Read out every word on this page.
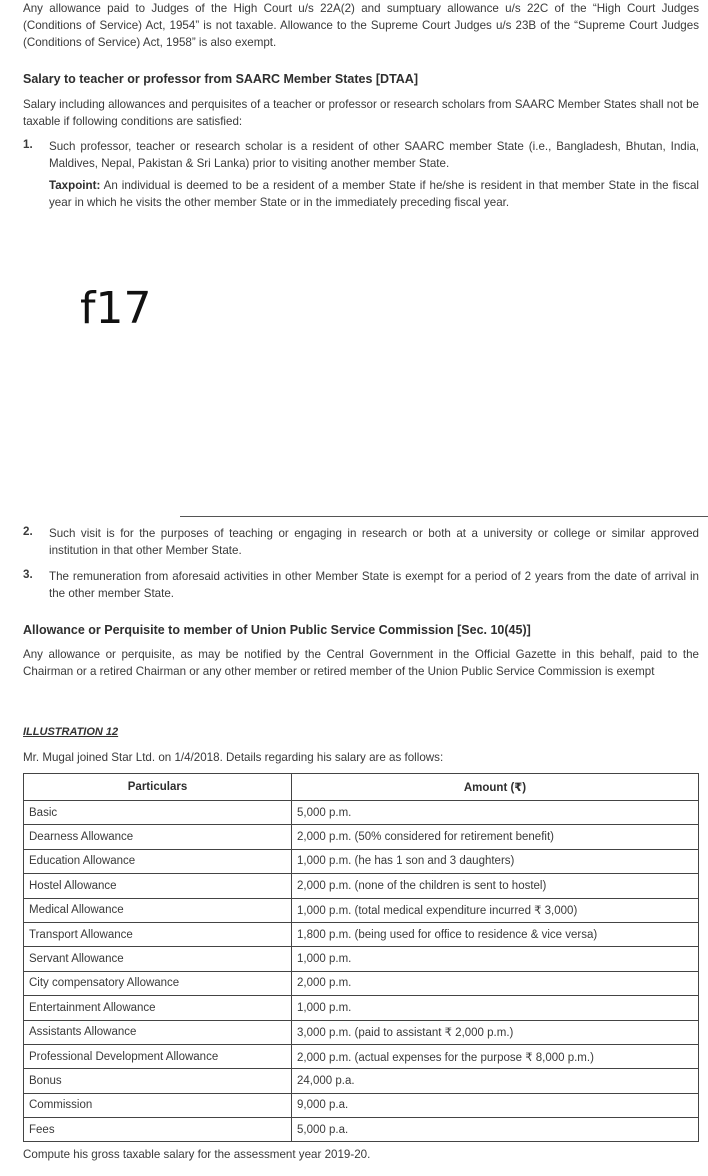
Any allowance paid to Judges of the High Court u/s 22A(2) and sumptuary allowance u/s 22C of the “High Court Judges (Conditions of Service) Act, 1954” is not taxable. Allowance to the Supreme Court Judges u/s 23B of the “Supreme Court Judges (Conditions of Service) Act, 1958” is also exempt.
Salary to teacher or professor from SAARC Member States [DTAA]
Salary including allowances and perquisites of a teacher or professor or research scholars from SAARC Member States shall not be taxable if following conditions are satisfied:
1. Such professor, teacher or research scholar is a resident of other SAARC member State (i.e., Bangladesh, Bhutan, India, Maldives, Nepal, Pakistan & Sri Lanka) prior to visiting another member State.
Taxpoint: An individual is deemed to be a resident of a member State if he/she is resident in that member State in the fiscal year in which he visits the other member State or in the immediately preceding fiscal year.
f17
2. Such visit is for the purposes of teaching or engaging in research or both at a university or college or similar approved institution in that other Member State.
3. The remuneration from aforesaid activities in other Member State is exempt for a period of 2 years from the date of arrival in the other member State.
Allowance or Perquisite to member of Union Public Service Commission [Sec. 10(45)]
Any allowance or perquisite, as may be notified by the Central Government in the Official Gazette in this behalf, paid to the Chairman or a retired Chairman or any other member or retired member of the Union Public Service Commission is exempt
ILLUSTRATION 12
Mr. Mugal joined Star Ltd. on 1/4/2018. Details regarding his salary are as follows:
Particulars	Amount (₹)
Basic	5,000 p.m.
Dearness Allowance	2,000 p.m. (50% considered for retirement benefit)
Education Allowance	1,000 p.m. (he has 1 son and 3 daughters)
Hostel Allowance	2,000 p.m. (none of the children is sent to hostel)
Medical Allowance	1,000 p.m. (total medical expenditure incurred ₹ 3,000)
Transport Allowance	1,800 p.m. (being used for office to residence & vice versa)
Servant Allowance	1,000 p.m.
City compensatory Allowance	2,000 p.m.
Entertainment Allowance	1,000 p.m.
Assistants Allowance	3,000 p.m. (paid to assistant ₹ 2,000 p.m.)
Professional Development Allowance	2,000 p.m. (actual expenses for the purpose ₹ 8,000 p.m.)
Bonus	24,000 p.a.
Commission	9,000 p.a.
Fees	5,000 p.a.
Compute his gross taxable salary for the assessment year 2019-20.
